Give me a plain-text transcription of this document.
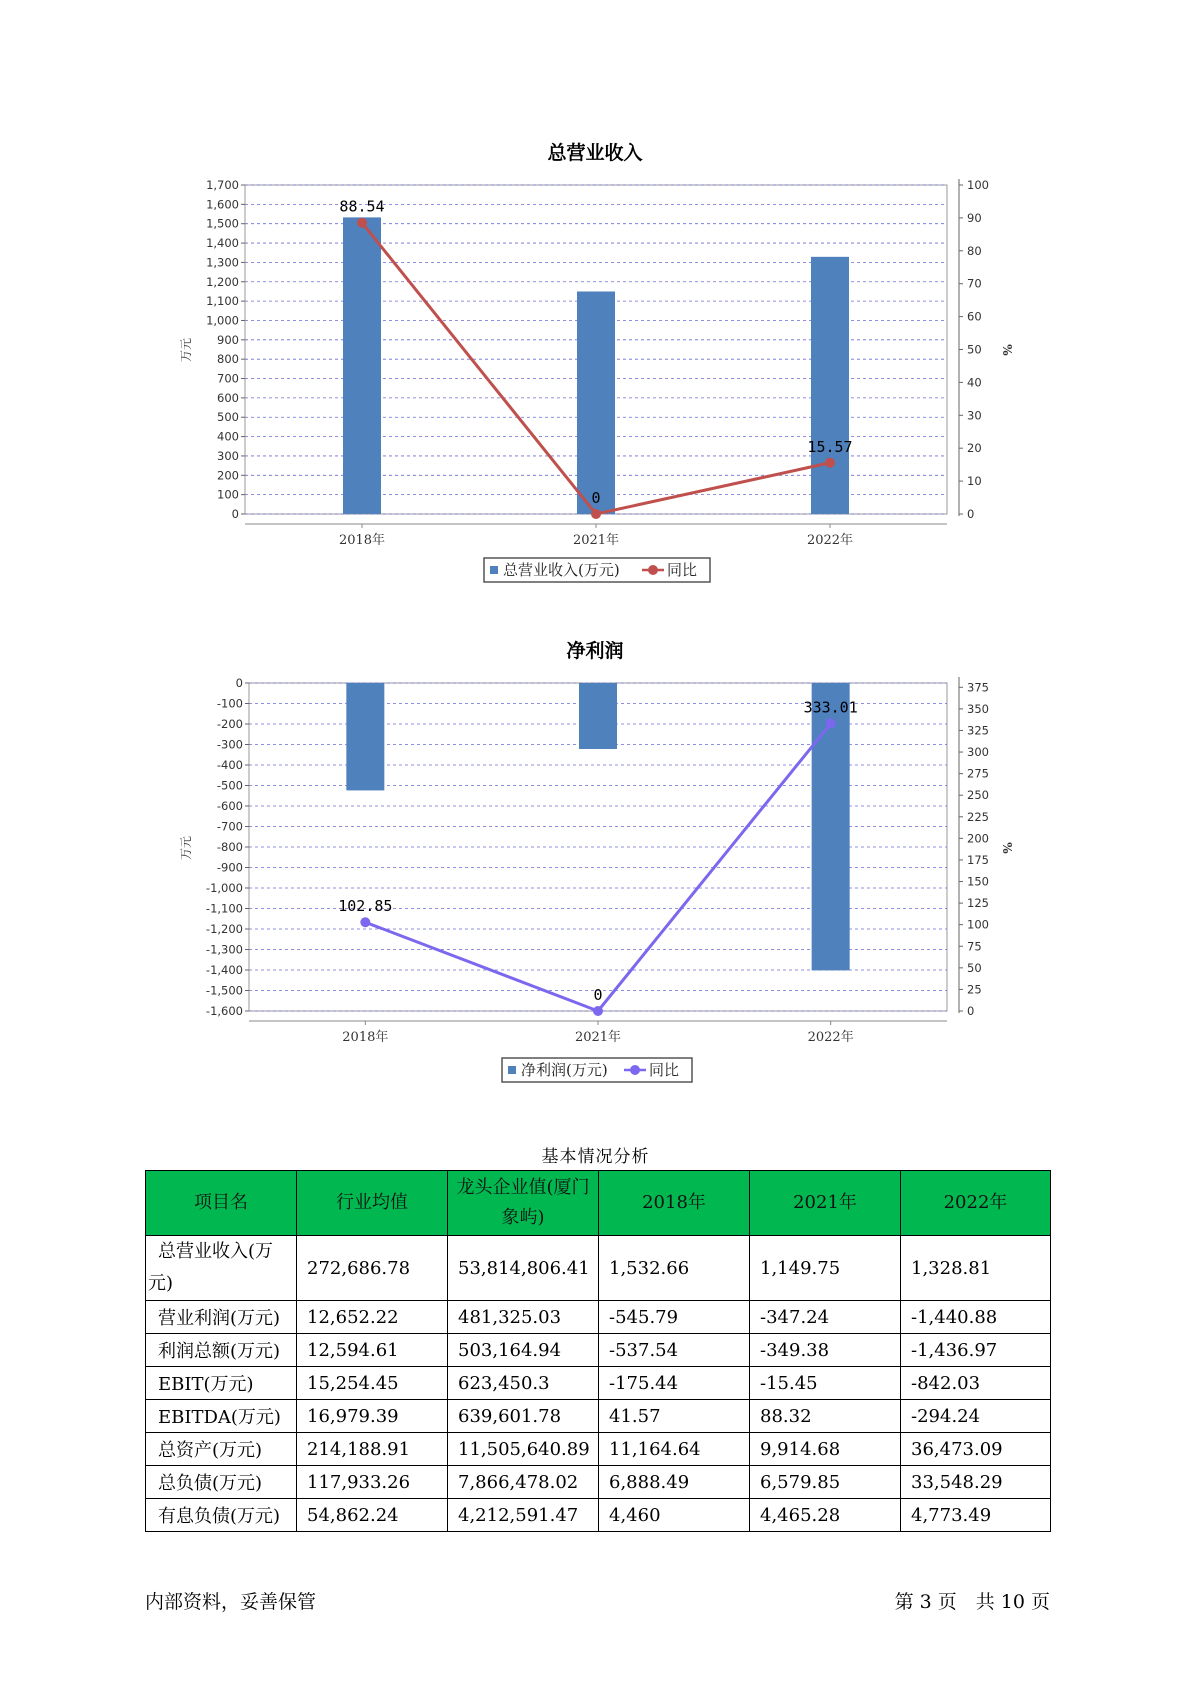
总营业收入
0
100
200
300
400
500
600
700
800
900
1,000
1,100
1,200
1,300
1,400
1,500
1,600
1,700
0
10
20
30
40
50
60
70
80
90
100
万元	%
2018年	2021年	2022年
88.54
0
15.57
总营业收入(万元)	同比
净利润
0
-100
-200
-300
-400
-500
-600
-700
-800
-900
-1,000
-1,100
-1,200
-1,300
-1,400
-1,500
-1,600	0
25
50
75
100
125
150
175
200
225
250
275
300
325
350
375
万元	%
2018年	2021年	2022年
102.85
0
333.01
净利润(万元)	同比
基本情况分析
项目名	行业均值	龙头企业值(厦门象屿)	2018年	2021年	2022年
总营业收入(万元)	272,686.78	53,814,806.41	1,532.66	1,149.75	1,328.81
营业利润(万元)	12,652.22	481,325.03	-545.79	-347.24	-1,440.88
利润总额(万元)	12,594.61	503,164.94	-537.54	-349.38	-1,436.97
EBIT(万元)	15,254.45	623,450.3	-175.44	-15.45	-842.03
EBITDA(万元)	16,979.39	639,601.78	41.57	88.32	-294.24
总资产(万元)	214,188.91	11,505,640.89	11,164.64	9,914.68	36,473.09
总负债(万元)	117,933.26	7,866,478.02	6,888.49	6,579.85	33,548.29
有息负债(万元)	54,862.24	4,212,591.47	4,460	4,465.28	4,773.49
内部资料，妥善保管	第 3 页　共 10 页
